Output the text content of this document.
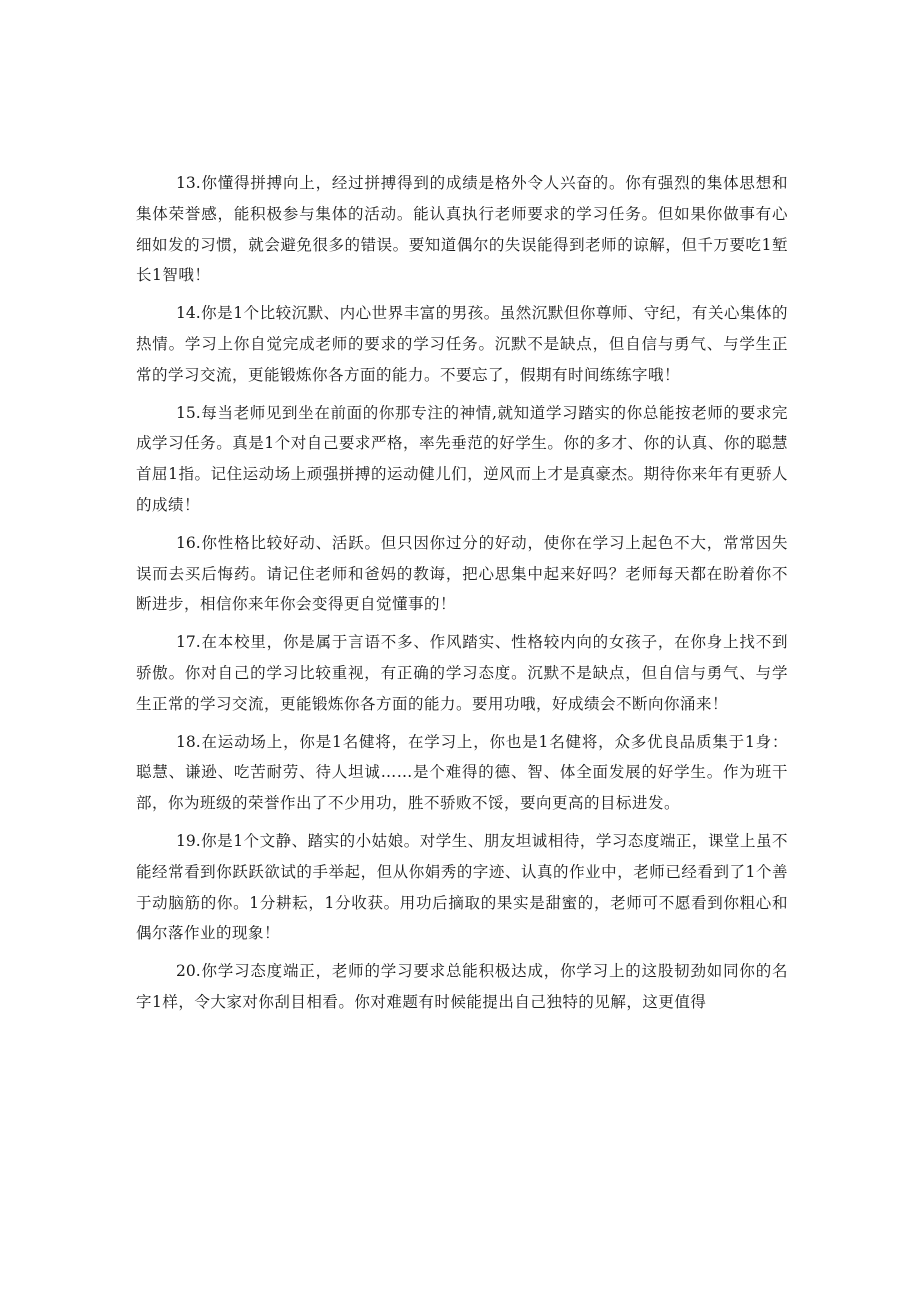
13.你懂得拼搏向上，经过拼搏得到的成绩是格外令人兴奋的。你有强烈的集体思想和集体荣誉感，能积极参与集体的活动。能认真执行老师要求的学习任务。但如果你做事有心细如发的习惯，就会避免很多的错误。要知道偶尔的失误能得到老师的谅解，但千万要吃1堑长1智哦！

14.你是1个比较沉默、内心世界丰富的男孩。虽然沉默但你尊师、守纪，有关心集体的热情。学习上你自觉完成老师的要求的学习任务。沉默不是缺点，但自信与勇气、与学生正常的学习交流，更能锻炼你各方面的能力。不要忘了，假期有时间练练字哦！

15.每当老师见到坐在前面的你那专注的神情,就知道学习踏实的你总能按老师的要求完成学习任务。真是1个对自己要求严格，率先垂范的好学生。你的多才、你的认真、你的聪慧首屈1指。记住运动场上顽强拼搏的运动健儿们，逆风而上才是真豪杰。期待你来年有更骄人的成绩！

16.你性格比较好动、活跃。但只因你过分的好动，使你在学习上起色不大，常常因失误而去买后悔药。请记住老师和爸妈的教诲，把心思集中起来好吗？老师每天都在盼着你不断进步，相信你来年你会变得更自觉懂事的！

17.在本校里，你是属于言语不多、作风踏实、性格较内向的女孩子，在你身上找不到骄傲。你对自己的学习比较重视，有正确的学习态度。沉默不是缺点，但自信与勇气、与学生正常的学习交流，更能锻炼你各方面的能力。要用功哦，好成绩会不断向你涌来！

18.在运动场上，你是1名健将，在学习上，你也是1名健将，众多优良品质集于1身：聪慧、谦逊、吃苦耐劳、待人坦诚……是个难得的德、智、体全面发展的好学生。作为班干部，你为班级的荣誉作出了不少用功，胜不骄败不馁，要向更高的目标进发。

19.你是1个文静、踏实的小姑娘。对学生、朋友坦诚相待，学习态度端正，课堂上虽不能经常看到你跃跃欲试的手举起，但从你娟秀的字迹、认真的作业中，老师已经看到了1个善于动脑筋的你。1分耕耘，1分收获。用功后摘取的果实是甜蜜的，老师可不愿看到你粗心和偶尔落作业的现象！

20.你学习态度端正，老师的学习要求总能积极达成，你学习上的这股韧劲如同你的名字1样，令大家对你刮目相看。你对难题有时候能提出自己独特的见解，这更值得
